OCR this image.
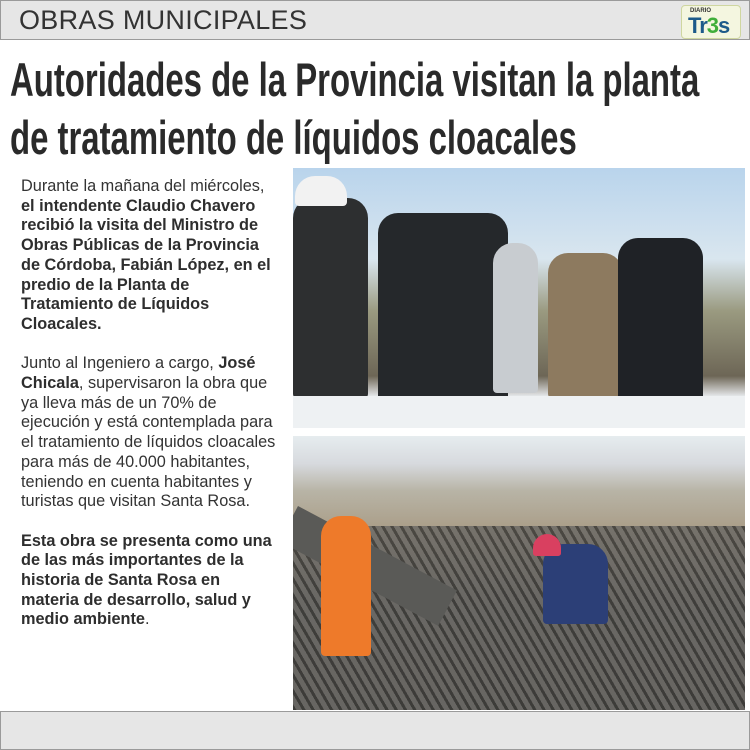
OBRAS MUNICIPALES	DIARIO
Tr3s
Autoridades de la Provincia visitan la planta
de tratamiento de líquidos cloacales

Durante la mañana del miércoles, el intendente Claudio Chavero recibió la visita del Ministro de Obras Públicas de la Provincia de Córdoba, Fabián López, en el predio de la Planta de Tratamiento de Líquidos Cloacales.

Junto al Ingeniero a cargo, José Chicala, supervisaron la obra que ya lleva más de un 70% de ejecución y está contemplada para el tratamiento de líquidos cloacales para más de 40.000 habitantes, teniendo en cuenta habitantes y turistas que visitan Santa Rosa.

Esta obra se presenta como una de las más importantes de la historia de Santa Rosa en materia de desarrollo, salud y medio ambiente.
